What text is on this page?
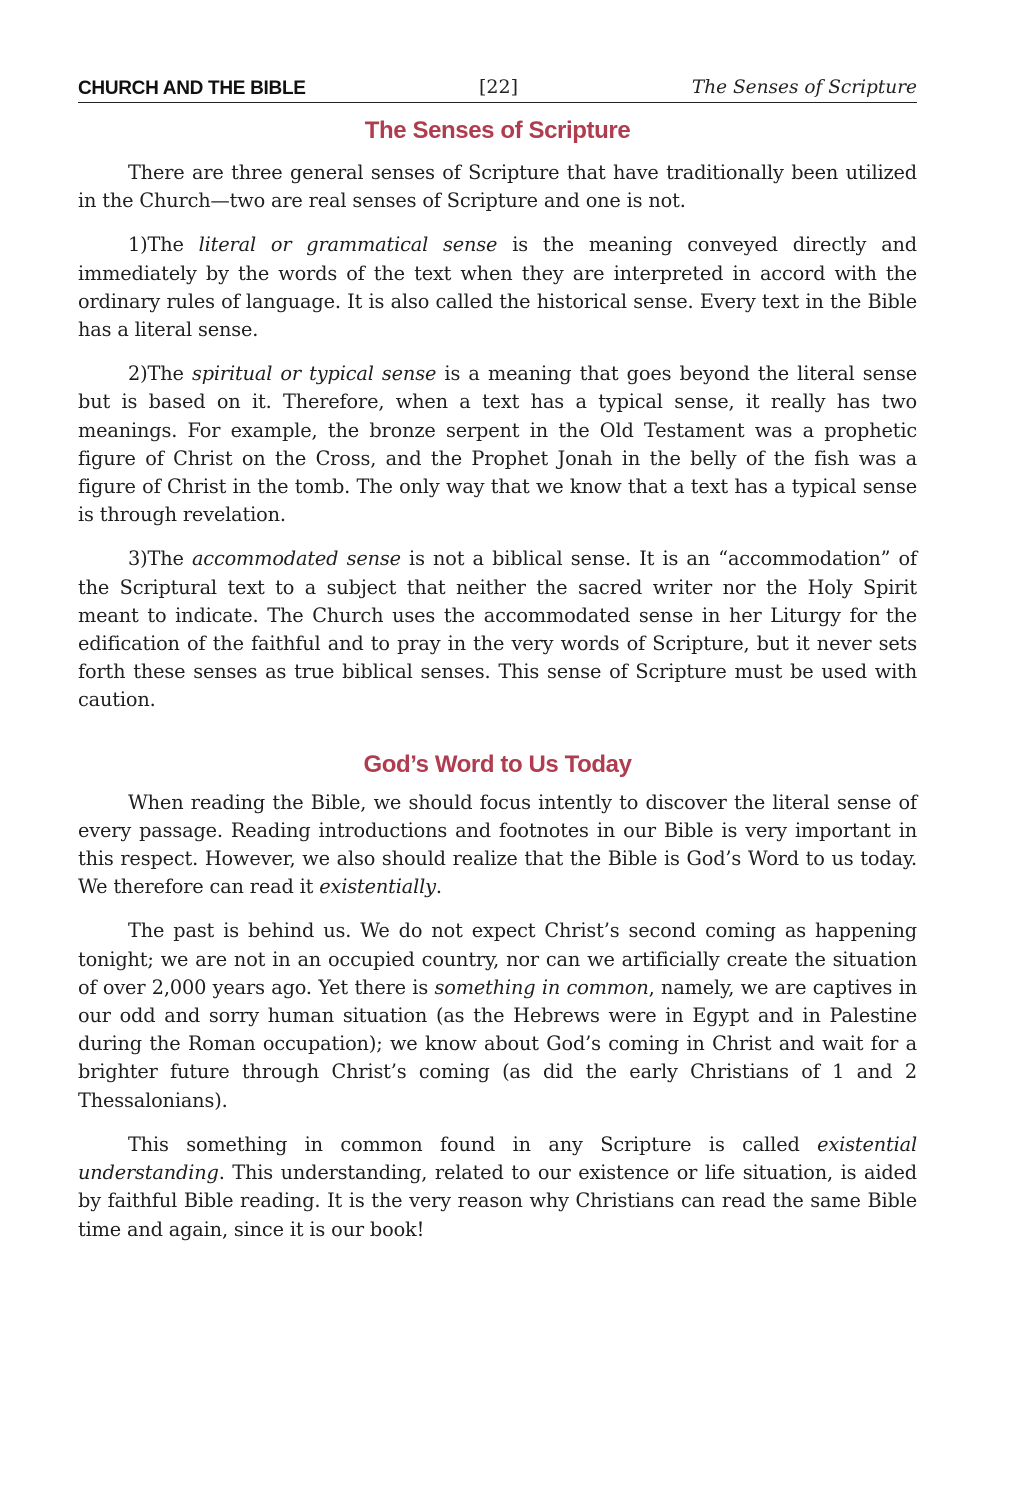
CHURCH AND THE BIBLE	[22]	The Senses of Scripture
The Senses of Scripture

There are three general senses of Scripture that have traditionally been utilized in the Church—two are real senses of Scripture and one is not.

1)The literal or grammatical sense is the meaning conveyed directly and immediately by the words of the text when they are interpreted in accord with the ordinary rules of language. It is also called the historical sense. Every text in the Bible has a literal sense.

2)The spiritual or typical sense is a meaning that goes beyond the literal sense but is based on it. Therefore, when a text has a typical sense, it really has two meanings. For example, the bronze serpent in the Old Testament was a prophetic figure of Christ on the Cross, and the Prophet Jonah in the belly of the fish was a figure of Christ in the tomb. The only way that we know that a text has a typical sense is through revelation.

3)The accommodated sense is not a biblical sense. It is an “accommodation” of the Scriptural text to a subject that neither the sacred writer nor the Holy Spirit meant to indicate. The Church uses the accommodated sense in her Liturgy for the edification of the faithful and to pray in the very words of Scripture, but it never sets forth these senses as true biblical senses. This sense of Scripture must be used with caution.

God’s Word to Us Today

When reading the Bible, we should focus intently to discover the literal sense of every passage. Reading introductions and footnotes in our Bible is very important in this respect. However, we also should realize that the Bible is God’s Word to us today. We therefore can read it existentially.

The past is behind us. We do not expect Christ’s second coming as happening tonight; we are not in an occupied country, nor can we artificially create the situation of over 2,000 years ago. Yet there is something in common, namely, we are captives in our odd and sorry human situation (as the Hebrews were in Egypt and in Palestine during the Roman occupation); we know about God’s coming in Christ and wait for a brighter future through Christ’s coming (as did the early Christians of 1 and 2 Thessalonians).

This something in common found in any Scripture is called existential understanding. This understanding, related to our existence or life situation, is aided by faithful Bible reading. It is the very reason why Christians can read the same Bible time and again, since it is our book!
